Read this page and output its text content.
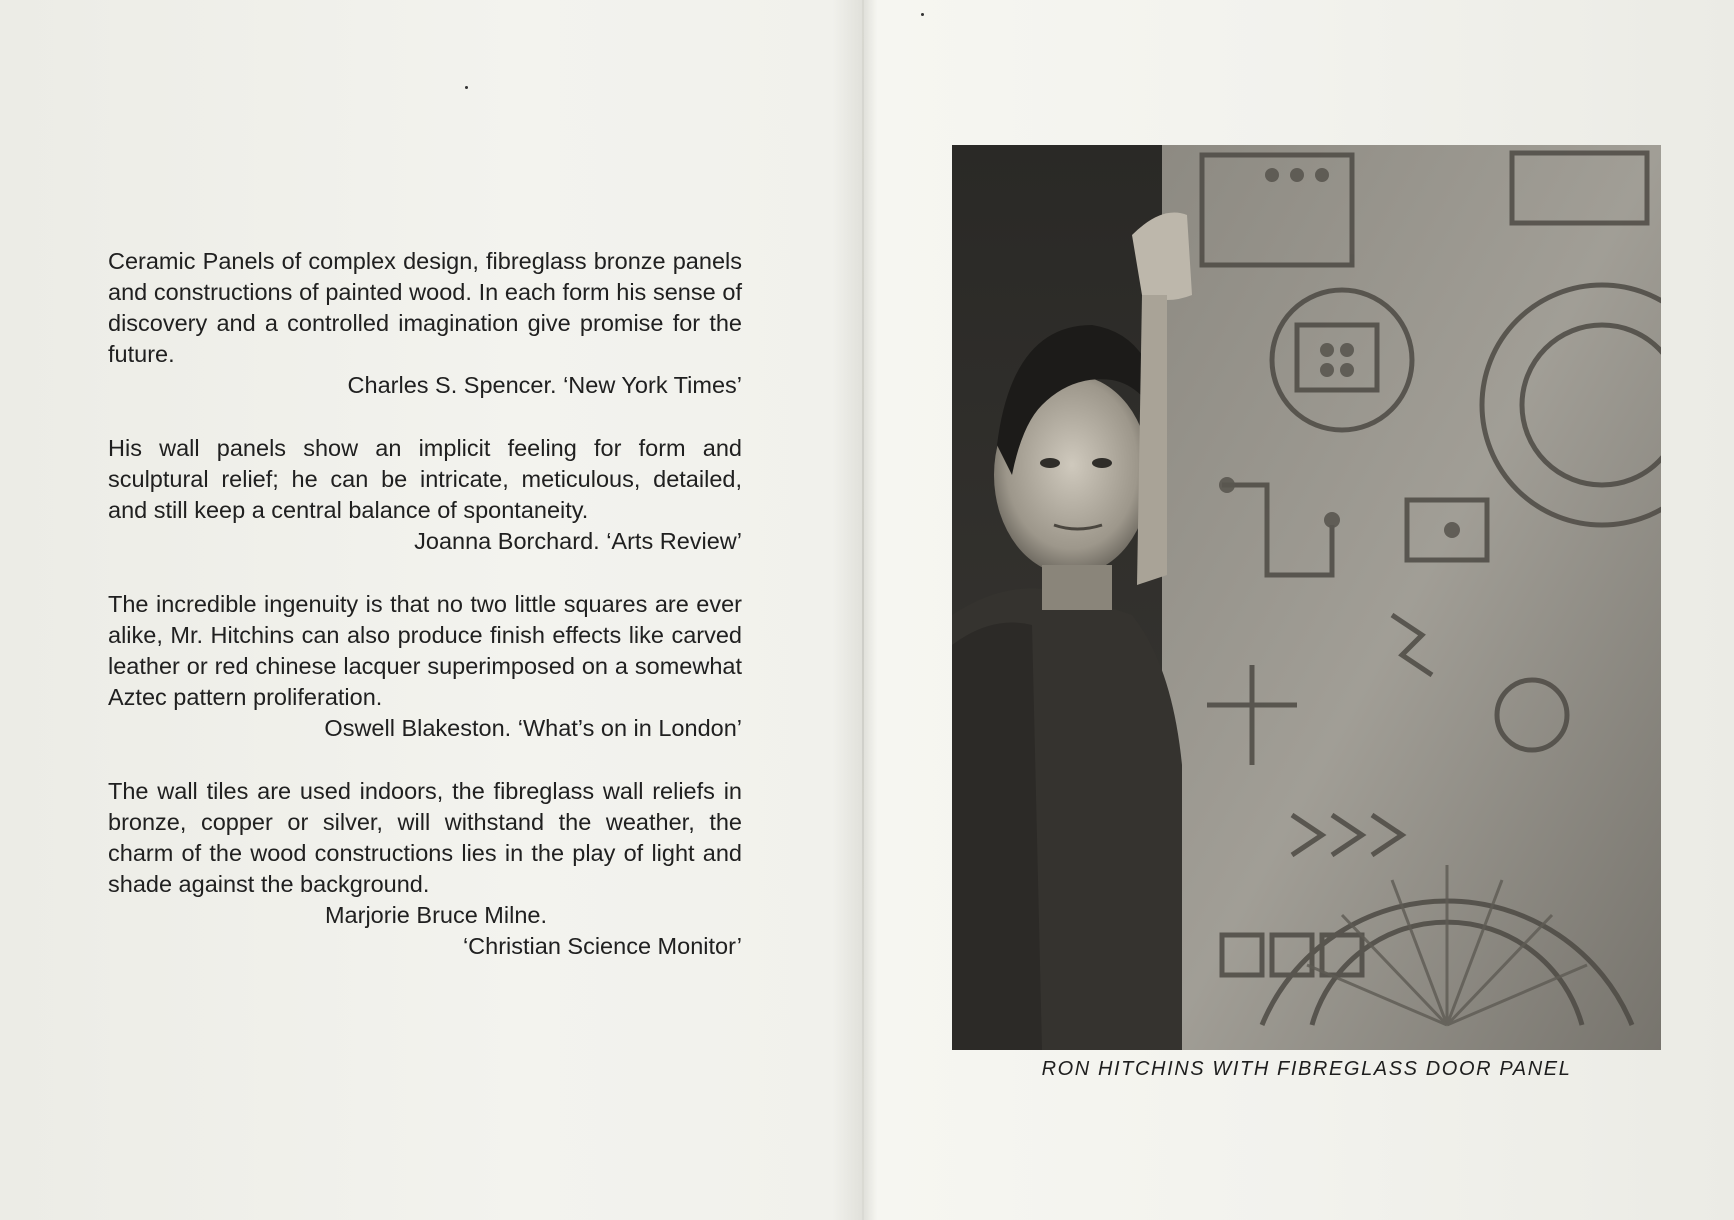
Ceramic Panels of complex design, fibreglass bronze panels and constructions of painted wood. In each form his sense of discovery and a controlled imagination give promise for the future.
Charles S. Spencer. ‘New York Times’
His wall panels show an implicit feeling for form and sculptural relief; he can be intricate, meticulous, detailed, and still keep a central balance of spontaneity.
Joanna Borchard. ‘Arts Review’
The incredible ingenuity is that no two little squares are ever alike, Mr. Hitchins can also produce finish effects like carved leather or red chinese lacquer superimposed on a somewhat Aztec pattern proliferation.
Oswell Blakeston. ‘What’s on in London’
The wall tiles are used indoors, the fibreglass wall reliefs in bronze, copper or silver, will withstand the weather, the charm of the wood constructions lies in the play of light and shade against the background.
Marjorie Bruce Milne.
‘Christian Science Monitor’
RON HITCHINS WITH FIBREGLASS DOOR PANEL
